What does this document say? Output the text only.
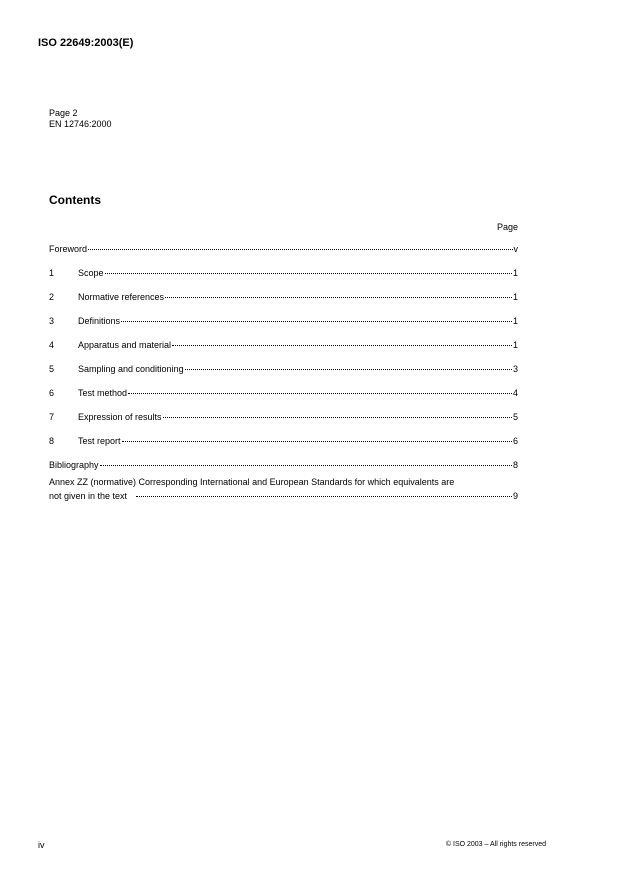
ISO 22649:2003(E)
Page 2
EN 12746:2000
Contents
Page
Foreword	v
1	Scope	1
2	Normative references	1
3	Definitions	1
4	Apparatus and material	1
5	Sampling and conditioning	3
6	Test method	4
7	Expression of results	5
8	Test report	6
Bibliography	8
Annex ZZ (normative) Corresponding International and European Standards for which equivalents are
not given in the text	9
iv	© ISO 2003 – All rights reserved
